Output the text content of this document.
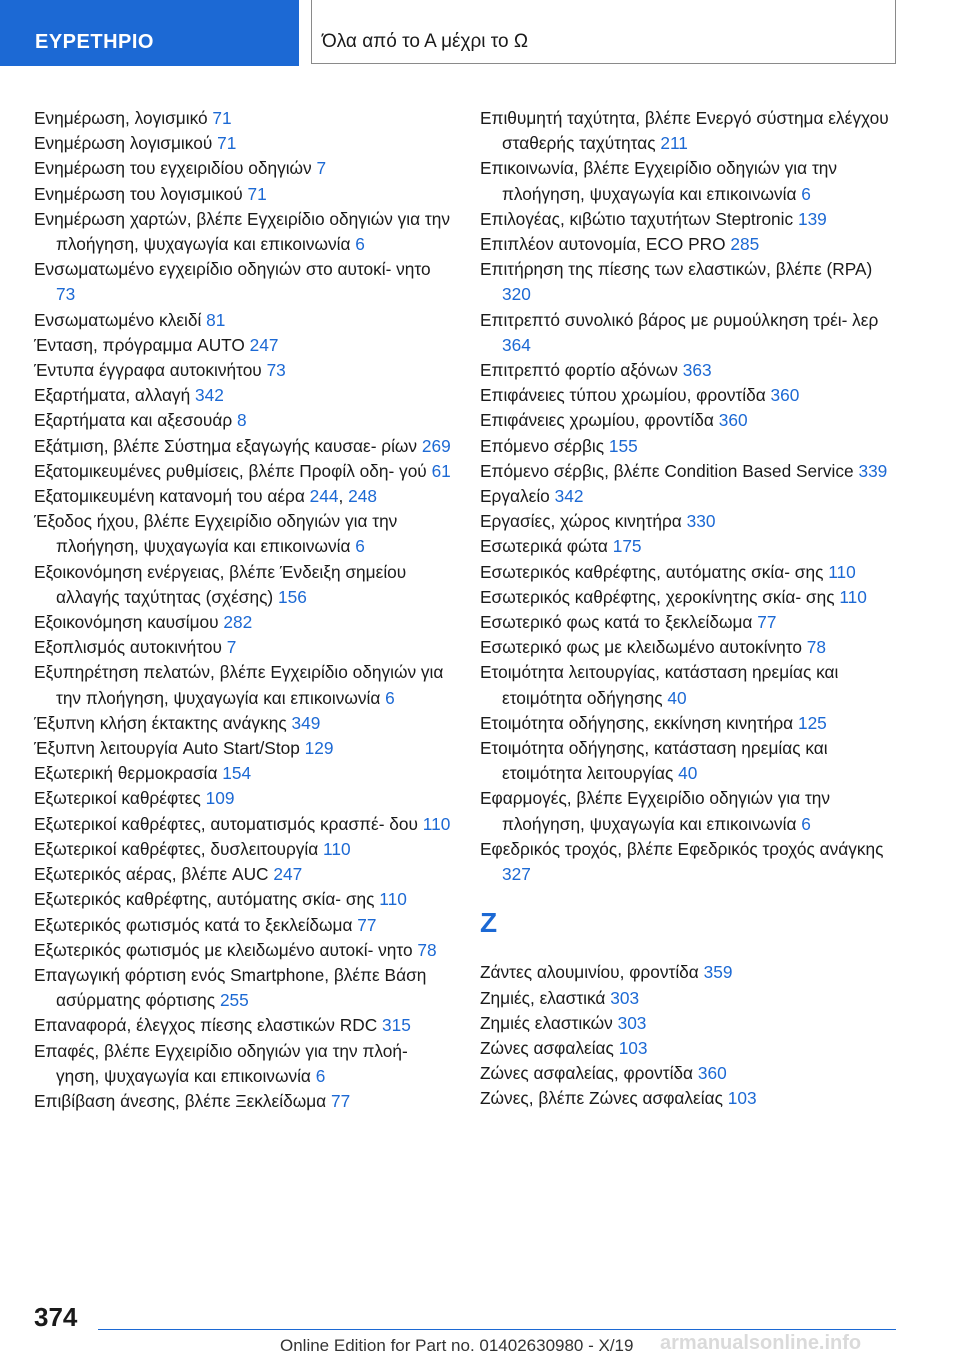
ΕΥΡΕΤΗΡΙΟ	Όλα από το Α μέχρι το Ω
Ενημέρωση, λογισμικό 71
Ενημέρωση λογισμικού 71
Ενημέρωση του εγχειριδίου οδηγιών 7
Ενημέρωση του λογισμικού 71
Ενημέρωση χαρτών, βλέπε Εγχειρίδιο οδηγιών για την πλοήγηση, ψυχαγωγία και επικοινωνία 6
Ενσωματωμένο εγχειρίδιο οδηγιών στο αυτοκί‐ νητο 73
Ενσωματωμένο κλειδί 81
Ένταση, πρόγραμμα AUTO 247
Έντυπα έγγραφα αυτοκινήτου 73
Εξαρτήματα, αλλαγή 342
Εξαρτήματα και αξεσουάρ 8
Εξάτμιση, βλέπε Σύστημα εξαγωγής καυσαε‐ ρίων 269
Εξατομικευμένες ρυθμίσεις, βλέπε Προφίλ οδη‐ γού 61
Εξατομικευμένη κατανομή του αέρα 244, 248
Έξοδος ήχου, βλέπε Εγχειρίδιο οδηγιών για την πλοήγηση, ψυχαγωγία και επικοινωνία 6
Εξοικονόμηση ενέργειας, βλέπε Ένδειξη σημείου αλλαγής ταχύτητας (σχέσης) 156
Εξοικονόμηση καυσίμου 282
Εξοπλισμός αυτοκινήτου 7
Εξυπηρέτηση πελατών, βλέπε Εγχειρίδιο οδηγιών για την πλοήγηση, ψυχαγωγία και επικοινωνία 6
Έξυπνη κλήση έκτακτης ανάγκης 349
Έξυπνη λειτουργία Auto Start/Stop 129
Εξωτερική θερμοκρασία 154
Εξωτερικοί καθρέφτες 109
Εξωτερικοί καθρέφτες, αυτοματισμός κρασπέ‐ δου 110
Εξωτερικοί καθρέφτες, δυσλειτουργία 110
Εξωτερικός αέρας, βλέπε AUC 247
Εξωτερικός καθρέφτης, αυτόματης σκία‐ σης 110
Εξωτερικός φωτισμός κατά το ξεκλείδωμα 77
Εξωτερικός φωτισμός με κλειδωμένο αυτοκί‐ νητο 78
Επαγωγική φόρτιση ενός Smartphone, βλέπε Βάση ασύρματης φόρτισης 255
Επαναφορά, έλεγχος πίεσης ελαστικών RDC 315
Επαφές, βλέπε Εγχειρίδιο οδηγιών για την πλοή‐ γηση, ψυχαγωγία και επικοινωνία 6
Επιβίβαση άνεσης, βλέπε Ξεκλείδωμα 77
Επιθυμητή ταχύτητα, βλέπε Ενεργό σύστημα ελέγχου σταθερής ταχύτητας 211
Επικοινωνία, βλέπε Εγχειρίδιο οδηγιών για την πλοήγηση, ψυχαγωγία και επικοινωνία 6
Επιλογέας, κιβώτιο ταχυτήτων Steptronic 139
Επιπλέον αυτονομία, ECO PRO 285
Επιτήρηση της πίεσης των ελαστικών, βλέπε (RPA) 320
Επιτρεπτό συνολικό βάρος με ρυμούλκηση τρέι‐ λερ 364
Επιτρεπτό φορτίο αξόνων 363
Επιφάνειες τύπου χρωμίου, φροντίδα 360
Επιφάνειες χρωμίου, φροντίδα 360
Επόμενο σέρβις 155
Επόμενο σέρβις, βλέπε Condition Based Service 339
Εργαλείο 342
Εργασίες, χώρος κινητήρα 330
Εσωτερικά φώτα 175
Εσωτερικός καθρέφτης, αυτόματης σκία‐ σης 110
Εσωτερικός καθρέφτης, χεροκίνητης σκία‐ σης 110
Εσωτερικό φως κατά το ξεκλείδωμα 77
Εσωτερικό φως με κλειδωμένο αυτοκίνητο 78
Ετοιμότητα λειτουργίας, κατάσταση ηρεμίας και ετοιμότητα οδήγησης 40
Ετοιμότητα οδήγησης, εκκίνηση κινητήρα 125
Ετοιμότητα οδήγησης, κατάσταση ηρεμίας και ετοιμότητα λειτουργίας 40
Εφαρμογές, βλέπε Εγχειρίδιο οδηγιών για την πλοήγηση, ψυχαγωγία και επικοινωνία 6
Εφεδρικός τροχός, βλέπε Εφεδρικός τροχός ανάγκης 327
Z
Ζάντες αλουμινίου, φροντίδα 359
Ζημιές, ελαστικά 303
Ζημιές ελαστικών 303
Ζώνες ασφαλείας 103
Ζώνες ασφαλείας, φροντίδα 360
Ζώνες, βλέπε Ζώνες ασφαλείας 103
374
Online Edition for Part no. 01402630980 - X/19	armanualsonline.info
